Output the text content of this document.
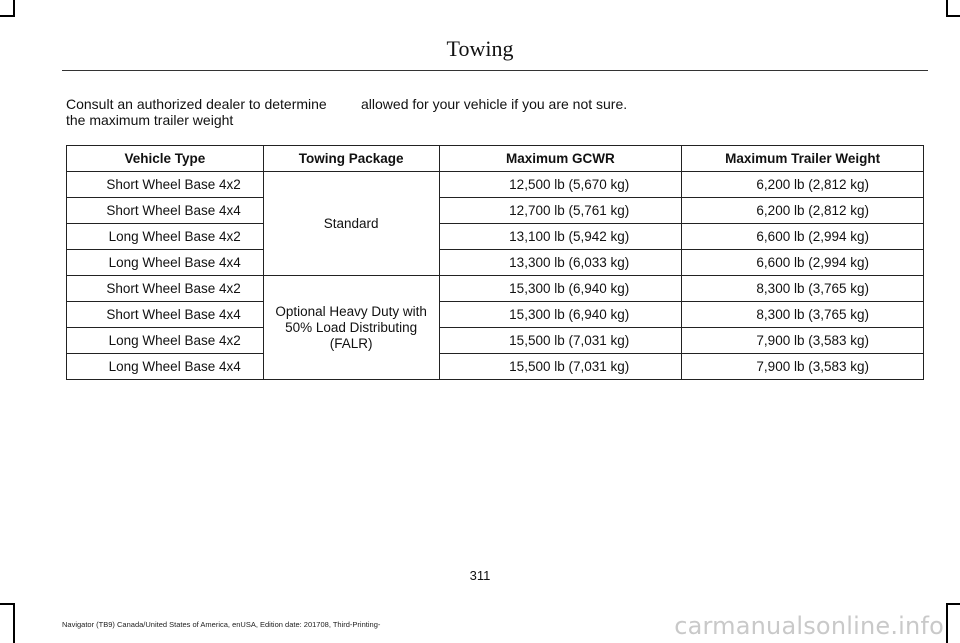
Towing
Consult an authorized dealer to determine the maximum trailer weight
allowed for your vehicle if you are not sure.
Vehicle Type	Towing Package	Maximum GCWR	Maximum Trailer Weight
Short Wheel Base 4x2	Standard	12,500 lb (5,670 kg)	6,200 lb (2,812 kg)
Short Wheel Base 4x4		12,700 lb (5,761 kg)	6,200 lb (2,812 kg)
Long Wheel Base 4x2		13,100 lb (5,942 kg)	6,600 lb (2,994 kg)
Long Wheel Base 4x4		13,300 lb (6,033 kg)	6,600 lb (2,994 kg)
Short Wheel Base 4x2	Optional Heavy Duty with 50% Load Distributing (FALR)	15,300 lb (6,940 kg)	8,300 lb (3,765 kg)
Short Wheel Base 4x4		15,300 lb (6,940 kg)	8,300 lb (3,765 kg)
Long Wheel Base 4x2		15,500 lb (7,031 kg)	7,900 lb (3,583 kg)
Long Wheel Base 4x4		15,500 lb (7,031 kg)	7,900 lb (3,583 kg)
311
Navigator (TB9) Canada/United States of America, enUSA, Edition date: 201708, Third-Printing-	carmanualsonline.info
